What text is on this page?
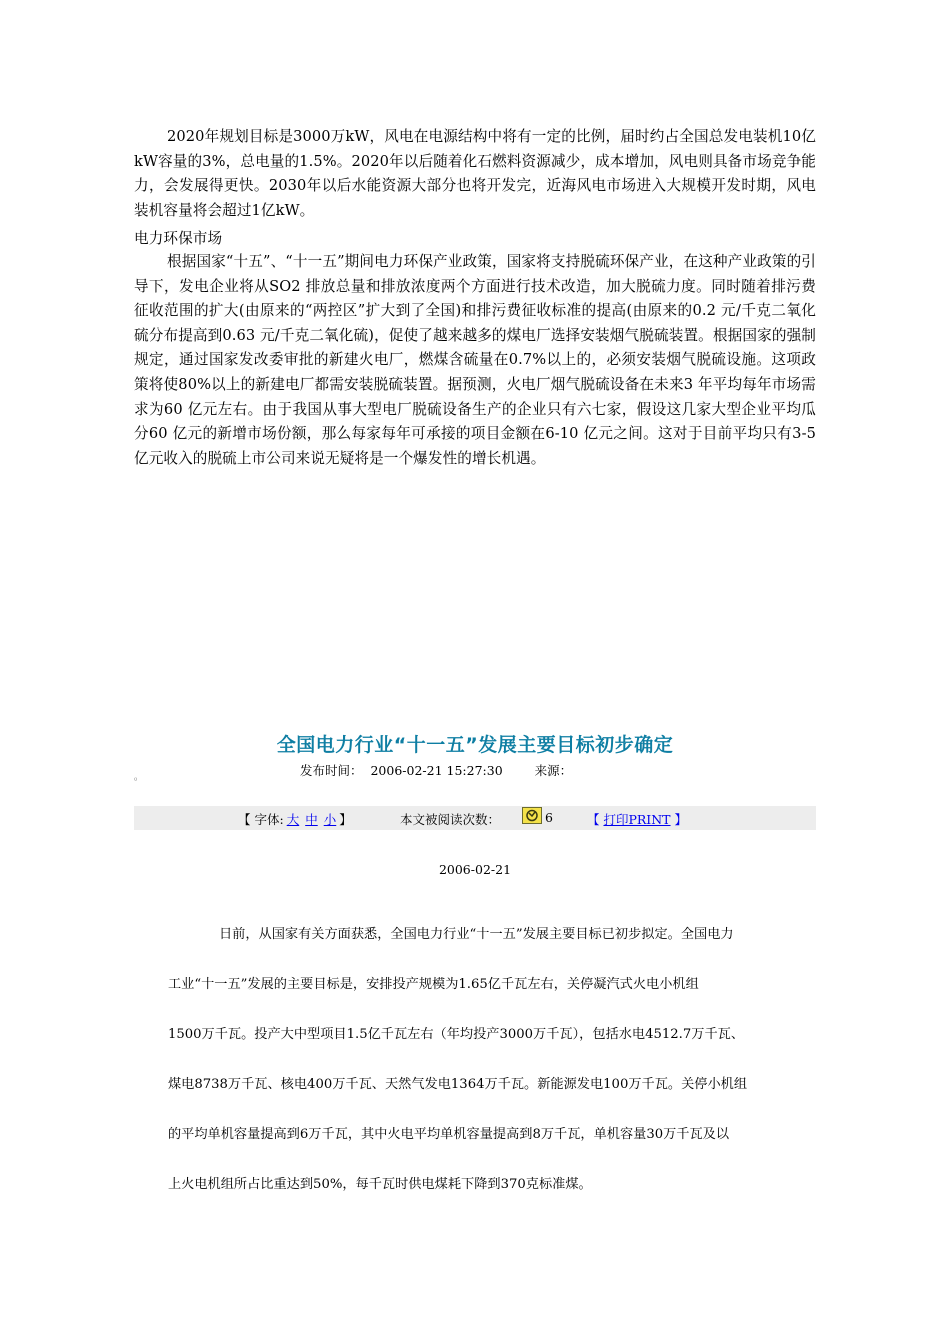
2020年规划目标是3000万kW，风电在电源结构中将有一定的比例，届时约占全国总发电装机10亿kW容量的3%，总电量的1.5%。2020年以后随着化石燃料资源减少，成本增加，风电则具备市场竞争能力，会发展得更快。2030年以后水能资源大部分也将开发完，近海风电市场进入大规模开发时期，风电装机容量将会超过1亿kW。

电力环保市场

根据国家“十五”、“十一五”期间电力环保产业政策，国家将支持脱硫环保产业，在这种产业政策的引导下，发电企业将从SO2 排放总量和排放浓度两个方面进行技术改造，加大脱硫力度。同时随着排污费征收范围的扩大(由原来的“两控区”扩大到了全国)和排污费征收标准的提高(由原来的0.2 元/千克二氧化硫分布提高到0.63 元/千克二氧化硫)，促使了越来越多的煤电厂选择安装烟气脱硫装置。根据国家的强制规定，通过国家发改委审批的新建火电厂，燃煤含硫量在0.7%以上的，必须安装烟气脱硫设施。这项政策将使80%以上的新建电厂都需安装脱硫装置。据预测，火电厂烟气脱硫设备在未来3 年平均每年市场需求为60 亿元左右。由于我国从事大型电厂脱硫设备生产的企业只有六七家，假设这几家大型企业平均瓜分60 亿元的新增市场份额，那么每家每年可承接的项目金额在6-10 亿元之间。这对于目前平均只有3-5 亿元收入的脱硫上市公司来说无疑将是一个爆发性的增长机遇。

全国电力行业“十一五”发展主要目标初步确定
发布时间： 2006-02-21 15:27:30	来源：
º
【 字体: 大 中 小 】	本文被阅读次数：	6	【 打印PRINT 】
2006-02-21

日前，从国家有关方面获悉，全国电力行业“十一五”发展主要目标已初步拟定。全国电力

工业“十一五”发展的主要目标是，安排投产规模为1.65亿千瓦左右，关停凝汽式火电小机组

1500万千瓦。投产大中型项目1.5亿千瓦左右（年均投产3000万千瓦），包括水电4512.7万千瓦、

煤电8738万千瓦、核电400万千瓦、天然气发电1364万千瓦。新能源发电100万千瓦。关停小机组

的平均单机容量提高到6万千瓦，其中火电平均单机容量提高到8万千瓦，单机容量30万千瓦及以

上火电机组所占比重达到50%，每千瓦时供电煤耗下降到370克标准煤。
